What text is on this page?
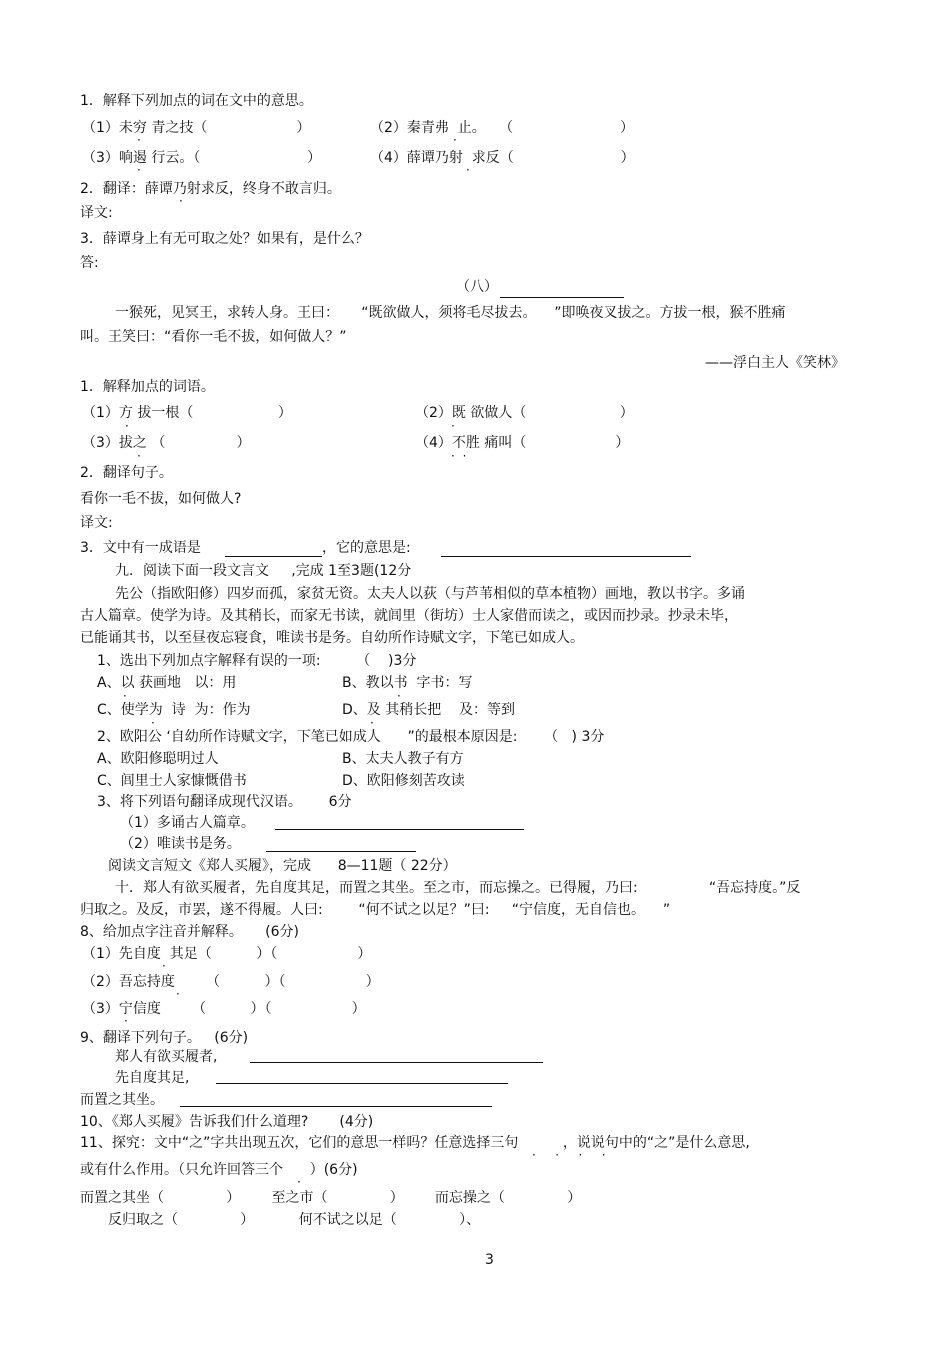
1．解释下列加点的词在文中的意思。
（1）未穷 青之技（                    ）	（2）秦青弗  止。   （                        ）
·	·
（3）响遏 行云。（                        ）	（4）薛谭乃射  求反（                        ）
·	·
2．翻译：薛谭乃射求反，终身不敢言归。
·
译文:
3．薛谭身上有无可取之处？如果有，是什么？
答:
（八）
一猴死，见冥王，求转人身。王曰：     “既欲做人，须将毛尽拔去。    ”即唤夜叉拔之。方拔一根，猴不胜痛
叫。王笑曰：“看你一毛不拔，如何做人？”
——浮白主人《笑林》
1．解释加点的词语。
（1）方 拔一根（                   ）	（2）既 欲做人（                     ）
·	·
（3）拔之 （                ）	（4）不胜 痛叫（                    ）
·	· ·
2．翻译句子。
看你一毛不拔，如何做人?
译文:
3．文中有一成语是	，它的意思是:
九．阅读下面一段文言文     ,完成 1至3题(12分
先公（指欧阳修）四岁而孤，家贫无资。太夫人以荻（与芦苇相似的草本植物）画地，教以书字。多诵
古人篇章。使学为诗。及其稍长，而家无书读，就闾里（街坊）士人家借而读之，或因而抄录。抄录未毕，
已能诵其书，以至昼夜忘寝食，唯读书是务。自幼所作诗赋文字，下笔已如成人。
1、选出下列加点字解释有误的一项:        （    )3分
A、以 获画地   以：用	B、教以书  字书：写
·	·
C、使学为  诗  为：作为	D、及 其稍长把    及：等到
·	·
2、欧阳公 ‘自幼所作诗赋文字，下笔已如成人      ”的最根本原因是:      （   ) 3分
A、欧阳修聪明过人	B、太夫人教子有方
C、闾里士人家慷慨借书	D、欧阳修刻苦攻读
3、将下列语句翻译成现代汉语。      6分
（1）多诵古人篇章。
（2）唯读书是务。
阅读文言短文《郑人买履》，完成      8—11题（ 22分）
十．郑人有欲买履者，先自度其足，而置之其坐。至之市，而忘操之。已得履，乃曰:                “吾忘持度。”反
归取之。及反，市罢，遂不得履。人曰:        “何不试之以足？”曰:     “宁信度，无自信也。    ”
8、给加点字注音并解释。     (6分)
（1）先自度  其足（          ）（                  ）
·
（2）吾忘持度       （          ）（                  ）
·
（3）宁信度       （          ）（                  ）
·
9、翻译下列句子。   (6分)
郑人有欲买履者,
先自度其足,
而置之其坐。
10、《郑人买履》告诉我们什么道理?       (4分)
11、探究：文中“之”字共出现五次，它们的意思一样吗？任意选择三句          ，说说句中的“之”是什么意思,
·   ·   ·   ·
或有什么作用。（只允许回答三个      ）(6分)
·
而置之其坐（              ）       至之市（              ）       而忘操之（              ）
反归取之（              ）          何不试之以足（              ）、
3
